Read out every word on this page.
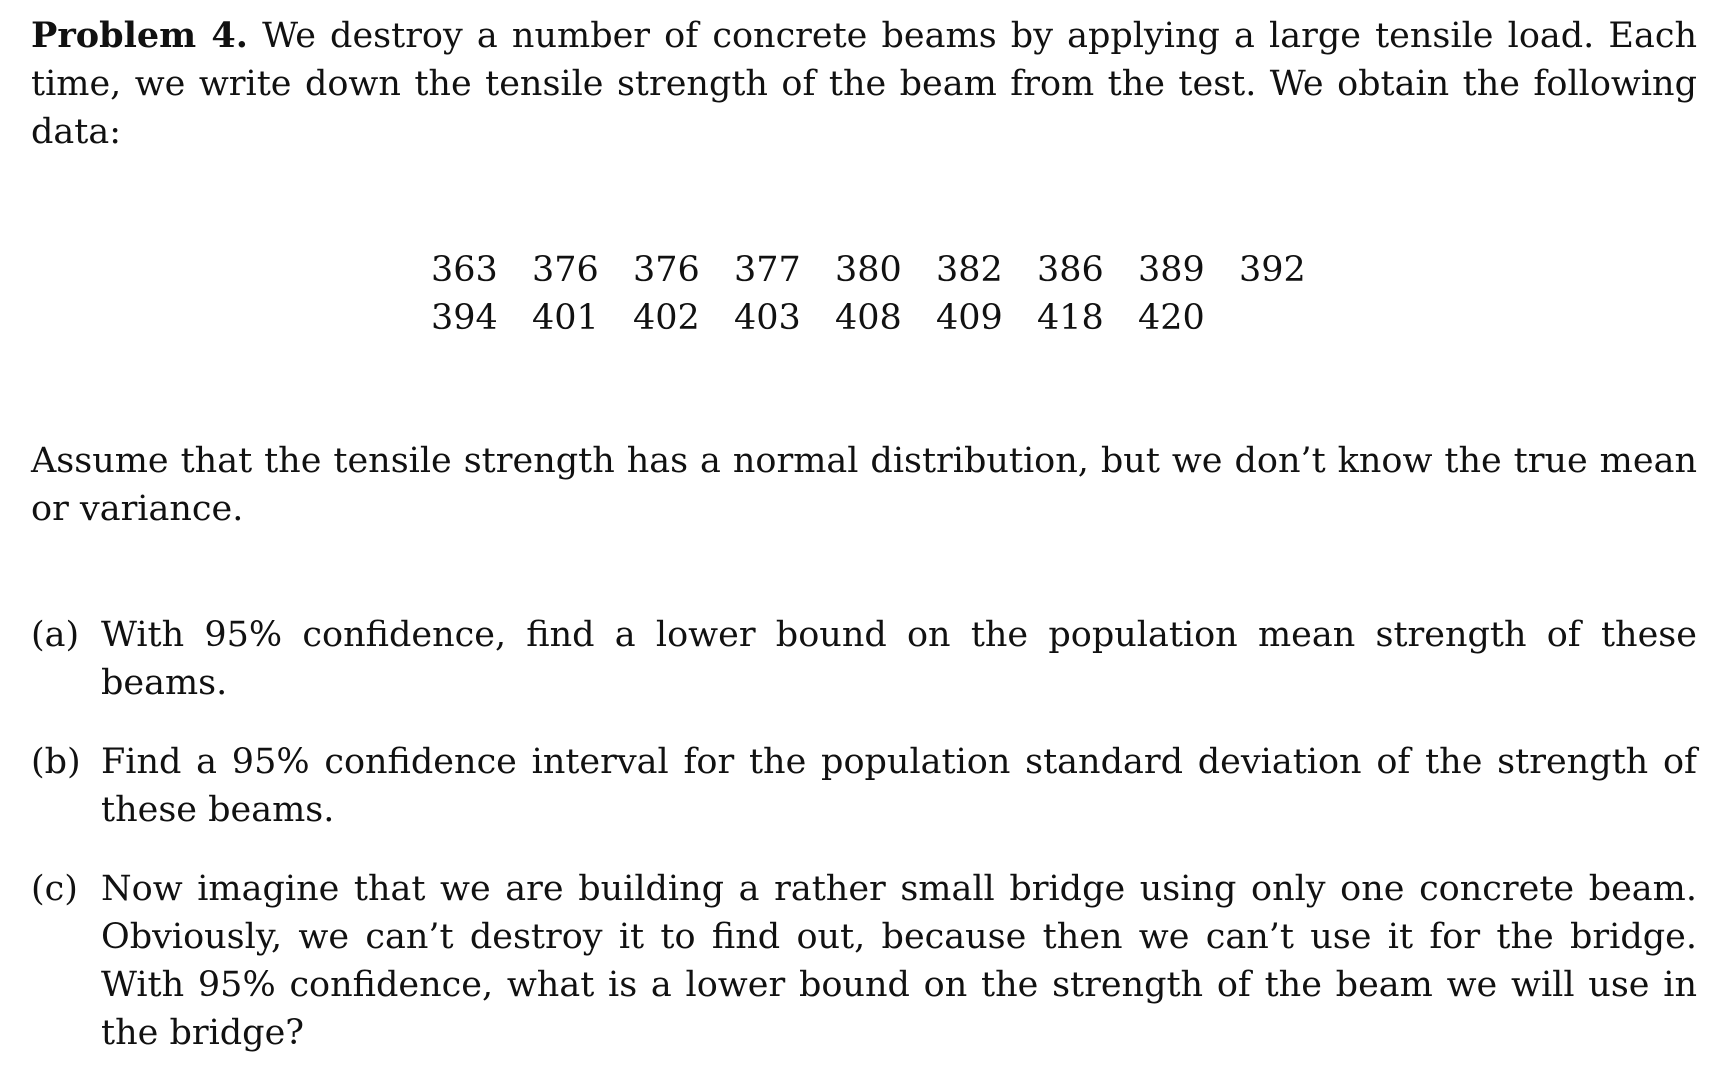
Problem 4. We destroy a number of concrete beams by applying a large tensile load. Each time, we write down the tensile strength of the beam from the test. We obtain the following data:

363 376 376 377 380 382 386 389 392
394 401 402 403 408 409 418 420

Assume that the tensile strength has a normal distribution, but we don’t know the true mean or variance.

(a) With 95% confidence, find a lower bound on the population mean strength of these beams.
(b) Find a 95% confidence interval for the population standard deviation of the strength of these beams.
(c) Now imagine that we are building a rather small bridge using only one concrete beam. Obviously, we can’t destroy it to find out, because then we can’t use it for the bridge. With 95% confidence, what is a lower bound on the strength of the beam we will use in the bridge?
